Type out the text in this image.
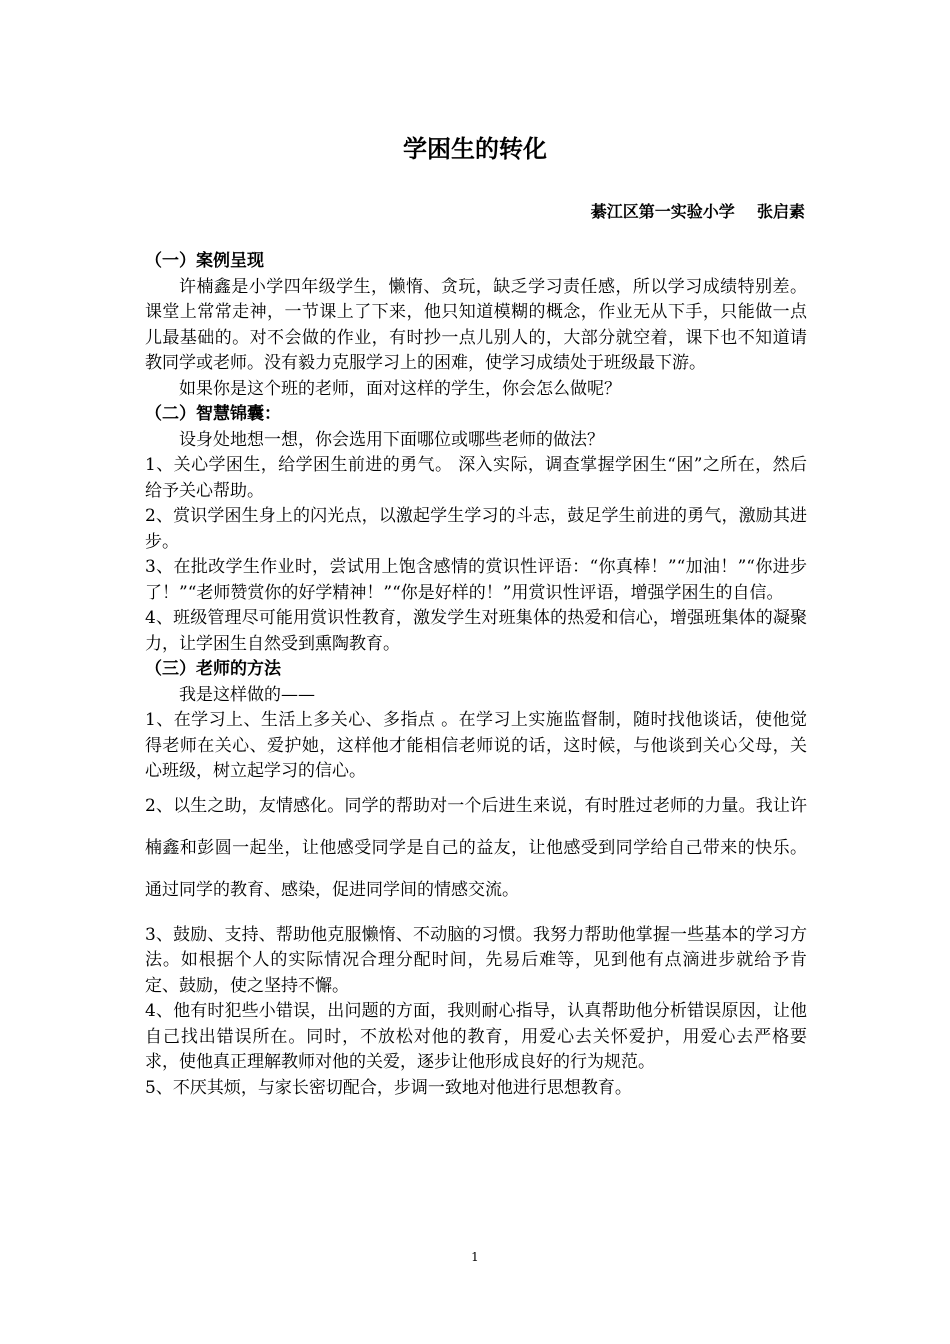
学困生的转化
綦江区第一实验小学    张启素

（一）案例呈现

许楠鑫是小学四年级学生，懒惰、贪玩，缺乏学习责任感，所以学习成绩特别差。 课堂上常常走神，一节课上了下来，他只知道模糊的概念，作业无从下手，只能做一点儿最基础的。对不会做的作业，有时抄一点儿别人的，大部分就空着，课下也不知道请教同学或老师。没有毅力克服学习上的困难，使学习成绩处于班级最下游。

如果你是这个班的老师，面对这样的学生，你会怎么做呢？

（二）智慧锦囊：

设身处地想一想，你会选用下面哪位或哪些老师的做法？

1、关心学困生，给学困生前进的勇气。 深入实际，调查掌握学困生“困”之所在，然后给予关心帮助。

2、赏识学困生身上的闪光点，以激起学生学习的斗志，鼓足学生前进的勇气，激励其进步。

3、在批改学生作业时，尝试用上饱含感情的赏识性评语：“你真棒！”“加油！”“你进步了！”“老师赞赏你的好学精神！”“你是好样的！”用赏识性评语，增强学困生的自信。

4、班级管理尽可能用赏识性教育，激发学生对班集体的热爱和信心，增强班集体的凝聚力，让学困生自然受到熏陶教育。

（三）老师的方法

我是这样做的——

1、在学习上、生活上多关心、多指点 。在学习上实施监督制，随时找他谈话，使他觉得老师在关心、爱护她，这样他才能相信老师说的话，这时候，与他谈到关心父母，关心班级，树立起学习的信心。

2、以生之助，友情感化。同学的帮助对一个后进生来说，有时胜过老师的力量。我让许楠鑫和彭圆一起坐，让他感受同学是自己的益友，让他感受到同学给自己带来的快乐。通过同学的教育、感染，促进同学间的情感交流。

3、鼓励、支持、帮助他克服懒惰、不动脑的习惯。我努力帮助他掌握一些基本的学习方法。如根据个人的实际情况合理分配时间，先易后难等，见到他有点滴进步就给予肯定、鼓励，使之坚持不懈。

4、他有时犯些小错误，出问题的方面，我则耐心指导，认真帮助他分析错误原因，让他自己找出错误所在。同时，不放松对他的教育，用爱心去关怀爱护，用爱心去严格要求，使他真正理解教师对他的关爱，逐步让他形成良好的行为规范。

5、不厌其烦，与家长密切配合，步调一致地对他进行思想教育。

1
